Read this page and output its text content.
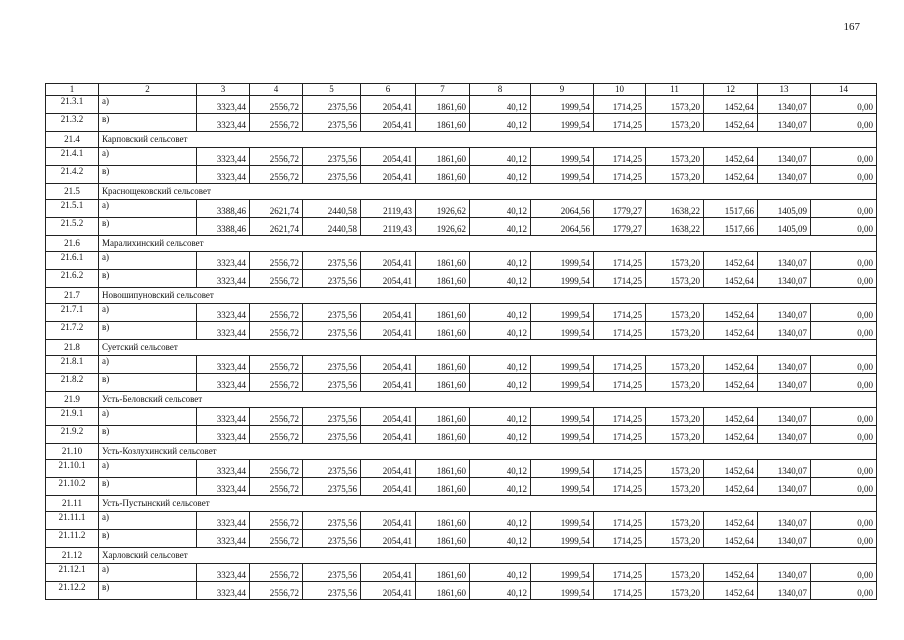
167
1	2	3	4	5	6	7	8	9	10	11	12	13	14
21.3.1	а)	3323,44	2556,72	2375,56	2054,41	1861,60	40,12	1999,54	1714,25	1573,20	1452,64	1340,07	0,00
21.3.2	в)	3323,44	2556,72	2375,56	2054,41	1861,60	40,12	1999,54	1714,25	1573,20	1452,64	1340,07	0,00
21.4	Карповский сельсовет												
21.4.1	а)	3323,44	2556,72	2375,56	2054,41	1861,60	40,12	1999,54	1714,25	1573,20	1452,64	1340,07	0,00
21.4.2	в)	3323,44	2556,72	2375,56	2054,41	1861,60	40,12	1999,54	1714,25	1573,20	1452,64	1340,07	0,00
21.5	Краснощековский сельсовет												
21.5.1	а)	3388,46	2621,74	2440,58	2119,43	1926,62	40,12	2064,56	1779,27	1638,22	1517,66	1405,09	0,00
21.5.2	в)	3388,46	2621,74	2440,58	2119,43	1926,62	40,12	2064,56	1779,27	1638,22	1517,66	1405,09	0,00
21.6	Маралихинский сельсовет												
21.6.1	а)	3323,44	2556,72	2375,56	2054,41	1861,60	40,12	1999,54	1714,25	1573,20	1452,64	1340,07	0,00
21.6.2	в)	3323,44	2556,72	2375,56	2054,41	1861,60	40,12	1999,54	1714,25	1573,20	1452,64	1340,07	0,00
21.7	Новошипуновский сельсовет												
21.7.1	а)	3323,44	2556,72	2375,56	2054,41	1861,60	40,12	1999,54	1714,25	1573,20	1452,64	1340,07	0,00
21.7.2	в)	3323,44	2556,72	2375,56	2054,41	1861,60	40,12	1999,54	1714,25	1573,20	1452,64	1340,07	0,00
21.8	Суетский сельсовет												
21.8.1	а)	3323,44	2556,72	2375,56	2054,41	1861,60	40,12	1999,54	1714,25	1573,20	1452,64	1340,07	0,00
21.8.2	в)	3323,44	2556,72	2375,56	2054,41	1861,60	40,12	1999,54	1714,25	1573,20	1452,64	1340,07	0,00
21.9	Усть-Беловский сельсовет												
21.9.1	а)	3323,44	2556,72	2375,56	2054,41	1861,60	40,12	1999,54	1714,25	1573,20	1452,64	1340,07	0,00
21.9.2	в)	3323,44	2556,72	2375,56	2054,41	1861,60	40,12	1999,54	1714,25	1573,20	1452,64	1340,07	0,00
21.10	Усть-Козлухинский сельсовет												
21.10.1	а)	3323,44	2556,72	2375,56	2054,41	1861,60	40,12	1999,54	1714,25	1573,20	1452,64	1340,07	0,00
21.10.2	в)	3323,44	2556,72	2375,56	2054,41	1861,60	40,12	1999,54	1714,25	1573,20	1452,64	1340,07	0,00
21.11	Усть-Пустынский сельсовет												
21.11.1	а)	3323,44	2556,72	2375,56	2054,41	1861,60	40,12	1999,54	1714,25	1573,20	1452,64	1340,07	0,00
21.11.2	в)	3323,44	2556,72	2375,56	2054,41	1861,60	40,12	1999,54	1714,25	1573,20	1452,64	1340,07	0,00
21.12	Харловский сельсовет												
21.12.1	а)	3323,44	2556,72	2375,56	2054,41	1861,60	40,12	1999,54	1714,25	1573,20	1452,64	1340,07	0,00
21.12.2	в)	3323,44	2556,72	2375,56	2054,41	1861,60	40,12	1999,54	1714,25	1573,20	1452,64	1340,07	0,00
